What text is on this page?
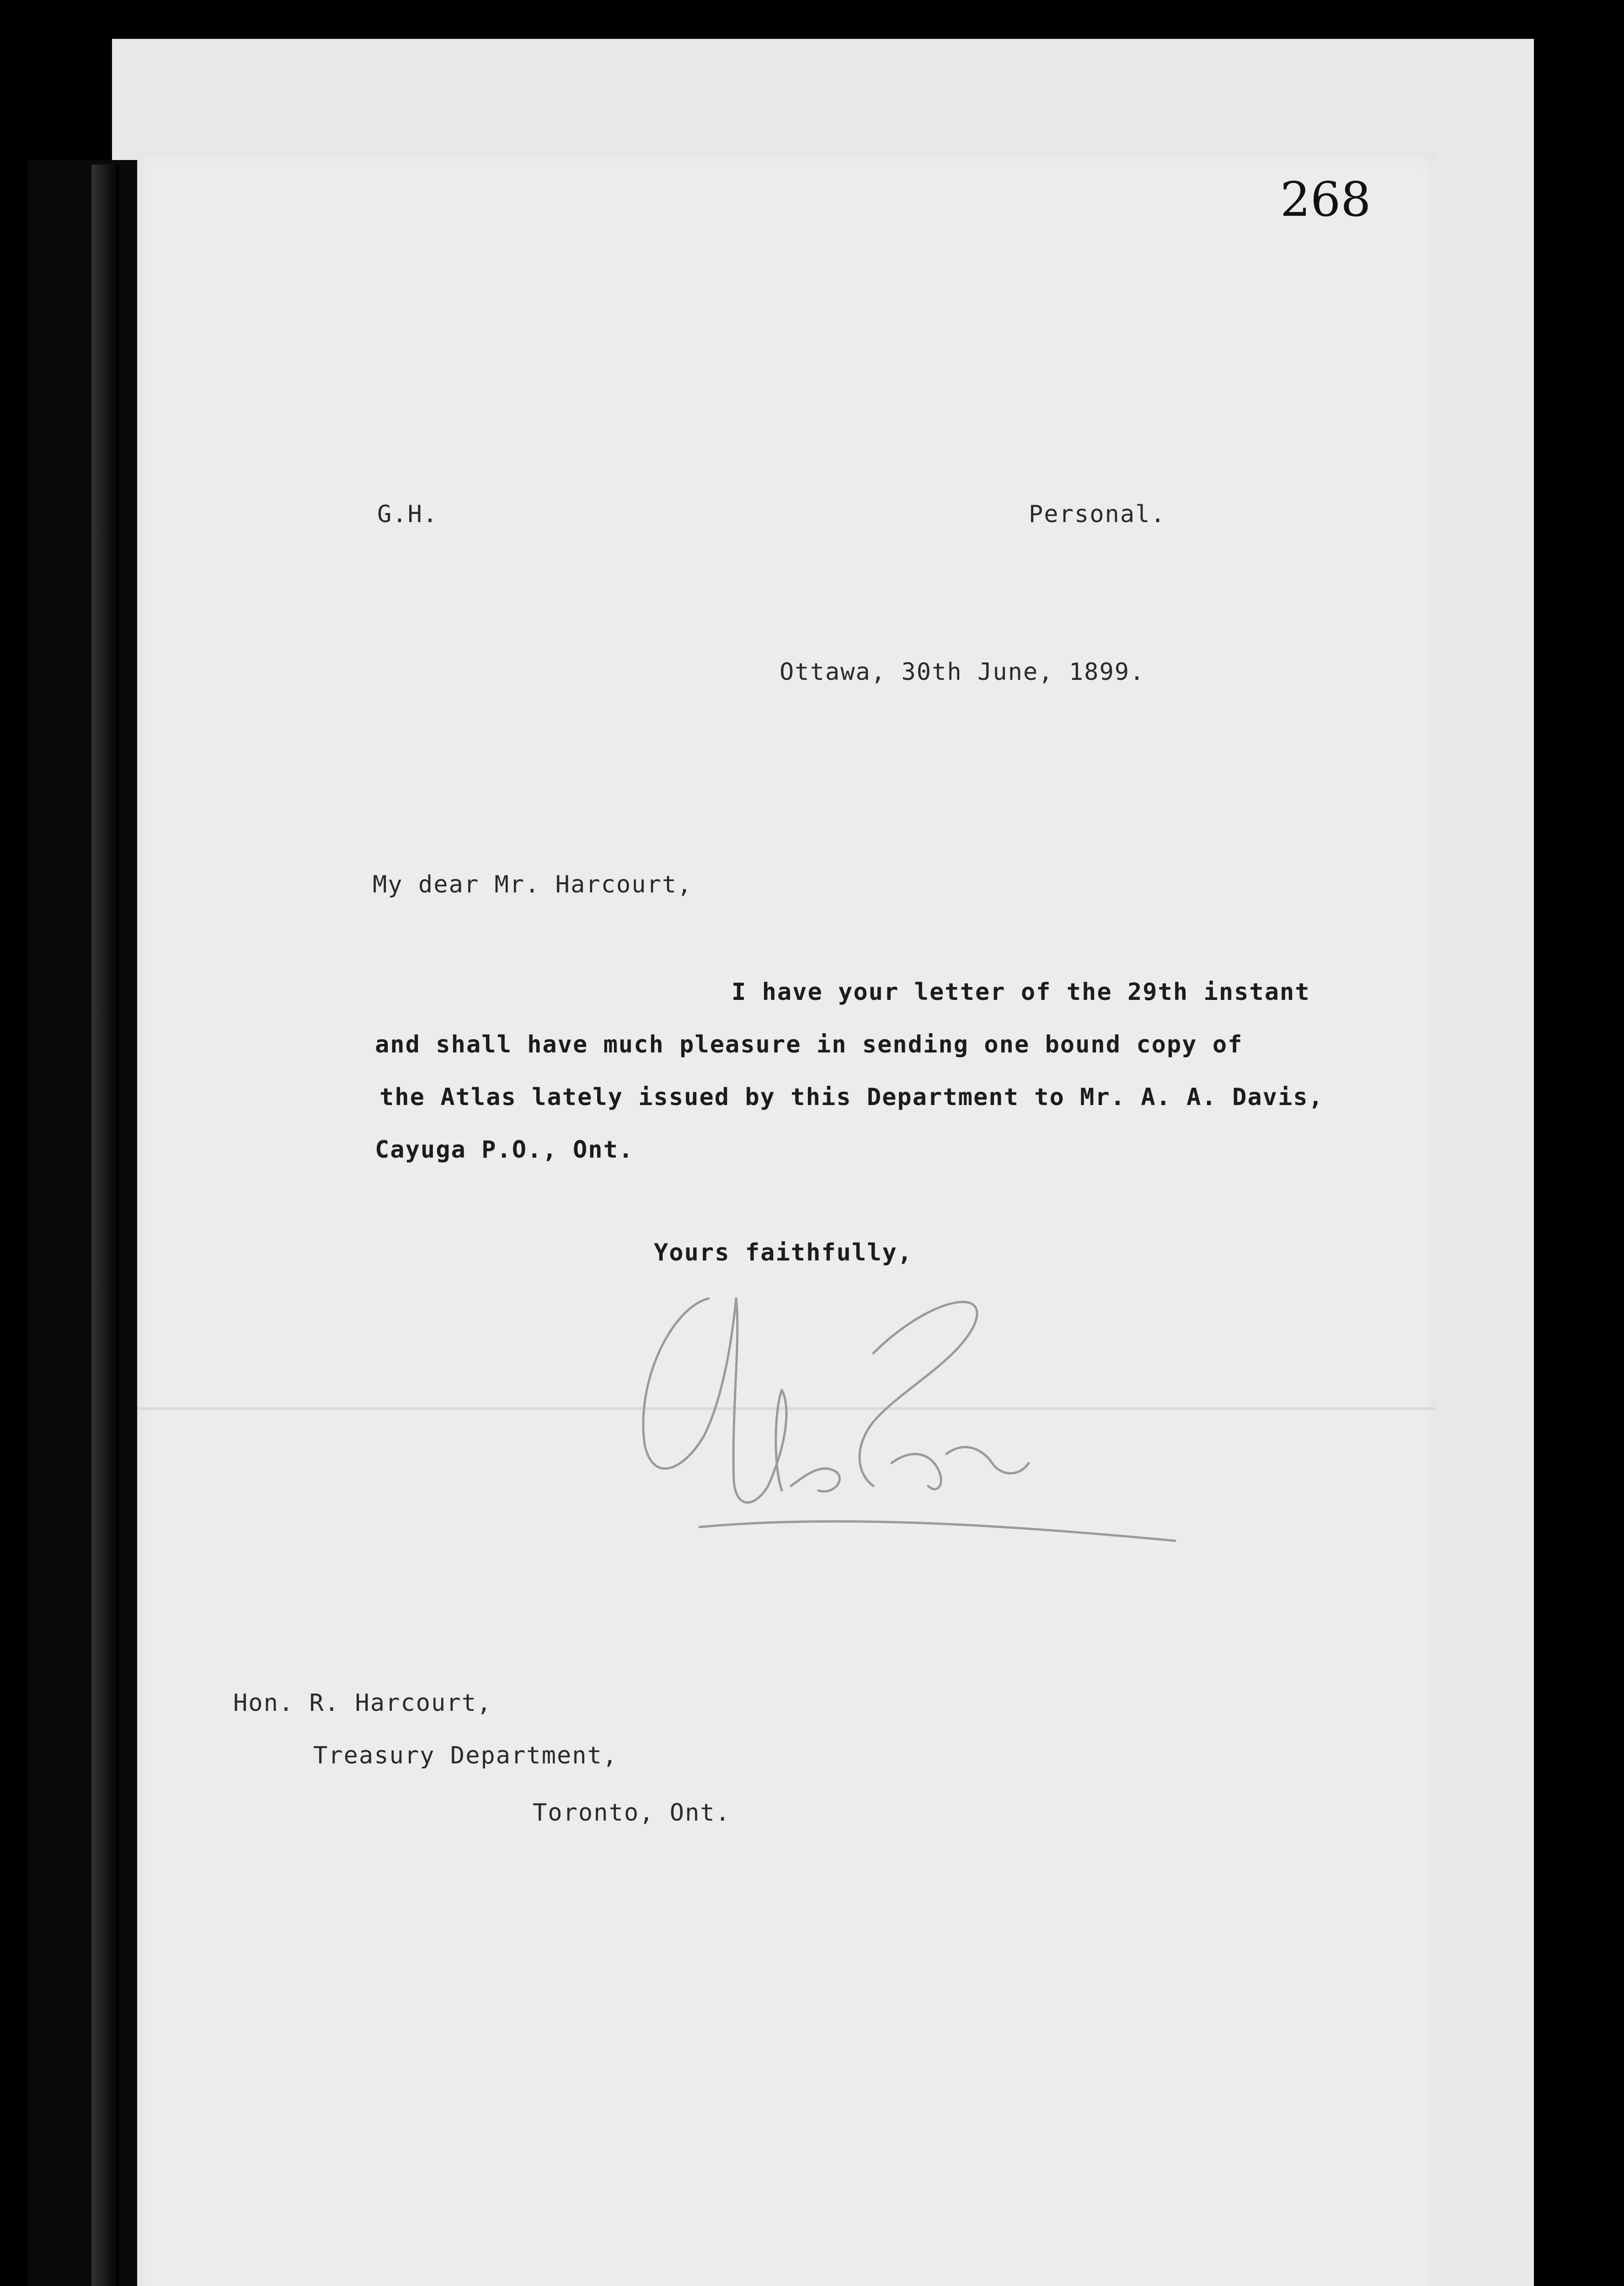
268
G.H.	Personal.
Ottawa, 30th June, 1899.
My dear Mr. Harcourt,
I have your letter of the 29th instant
and shall have much pleasure in sending one bound copy of
the Atlas lately issued by this Department to Mr. A. A. Davis,
Cayuga P.O., Ont.
Yours faithfully,
Hon. R. Harcourt,
Treasury Department,
Toronto, Ont.
